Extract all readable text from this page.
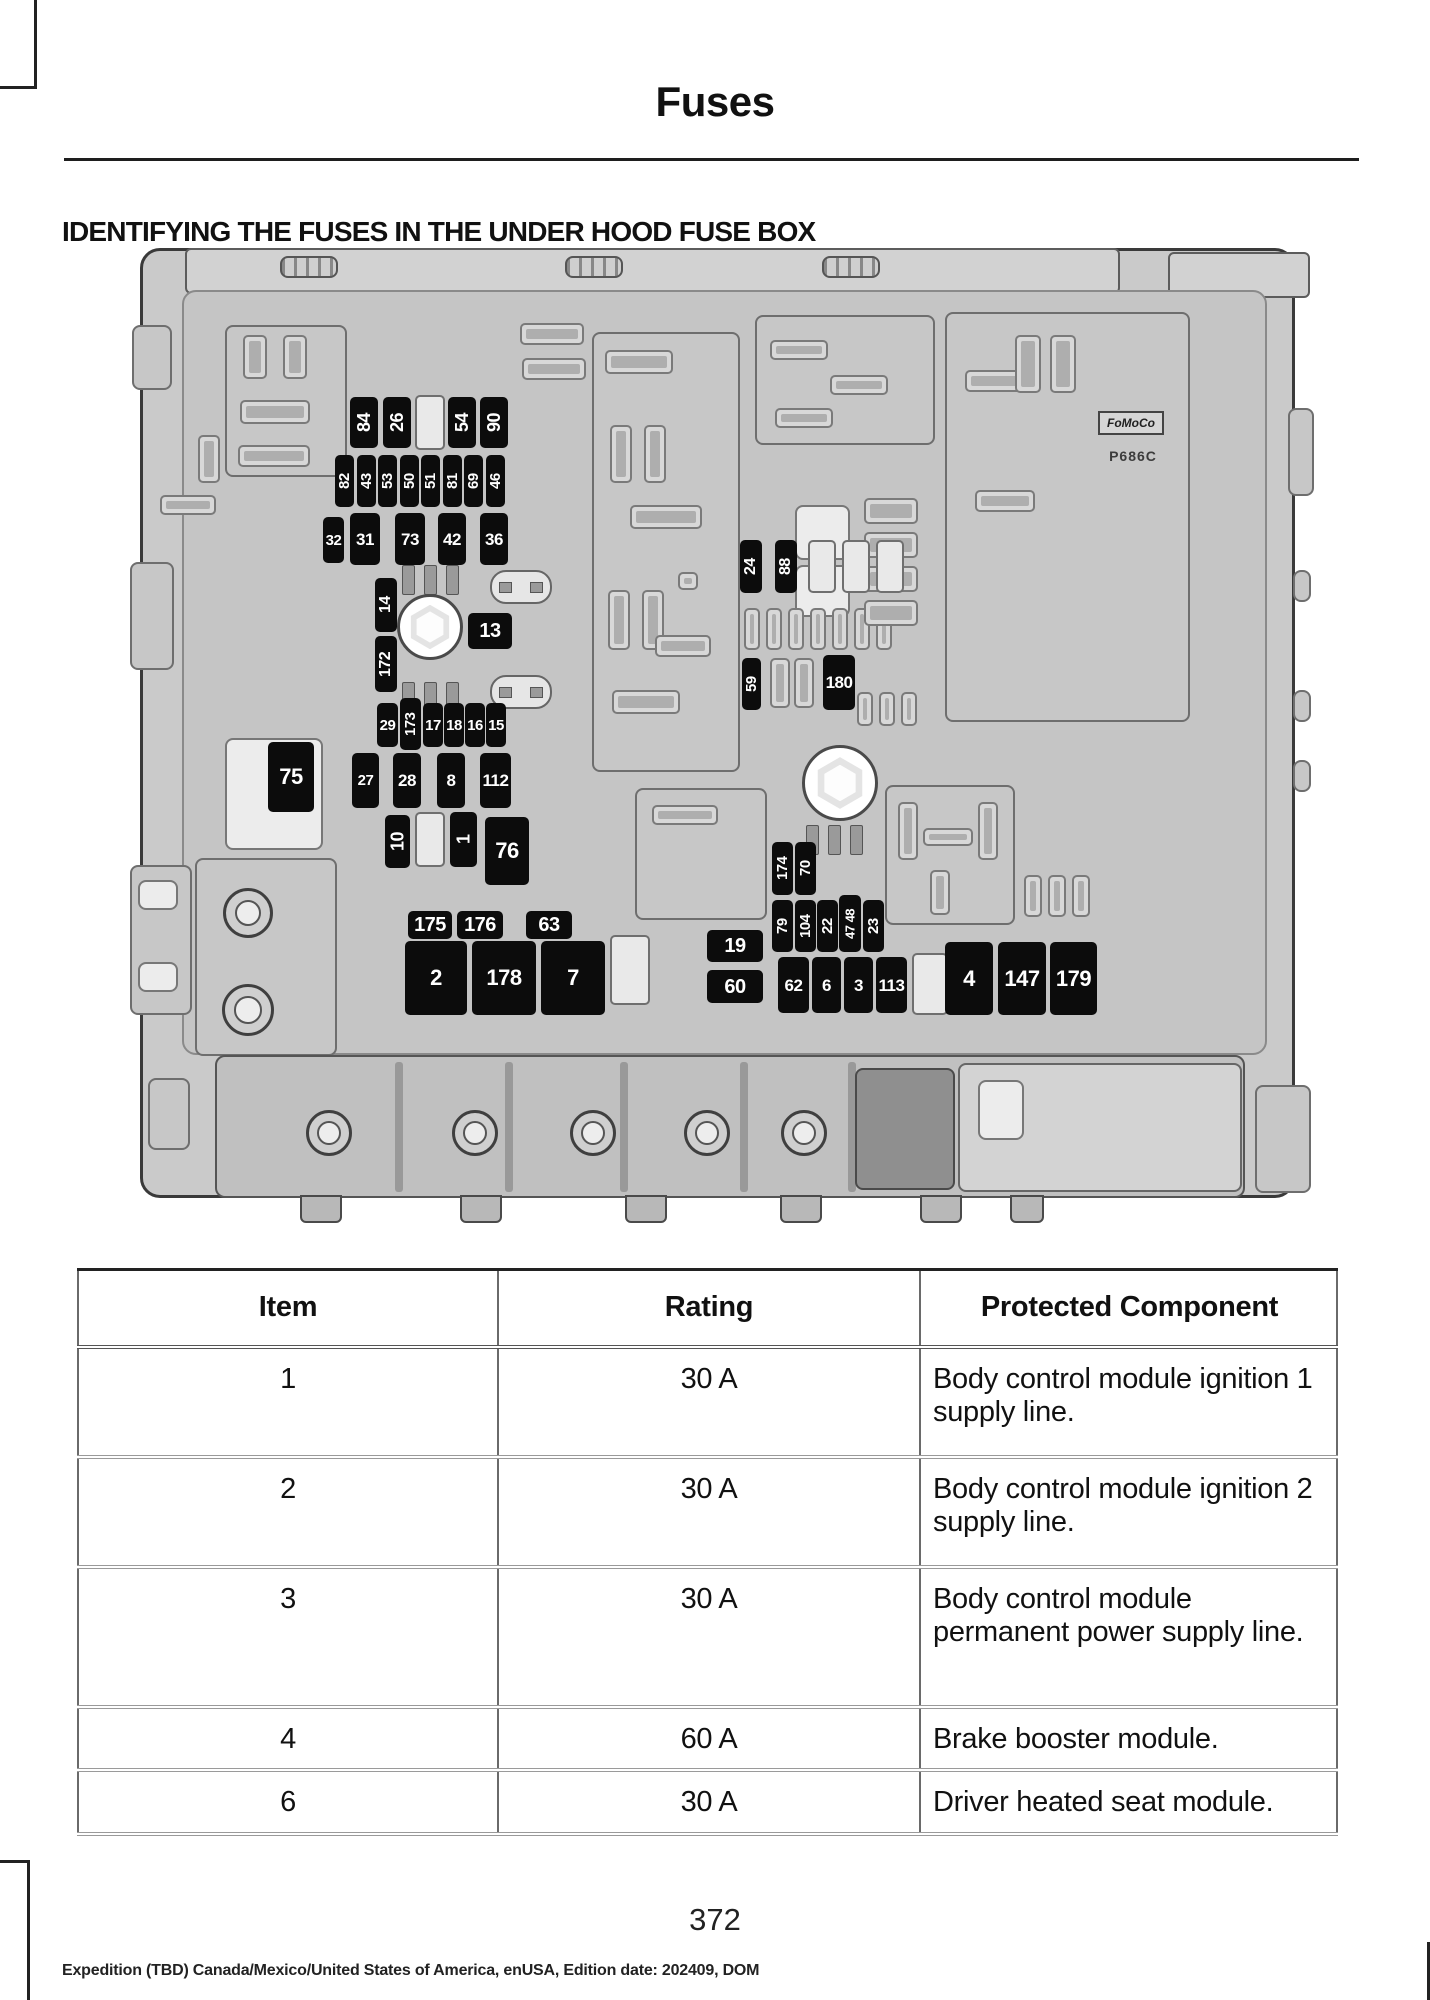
Fuses
IDENTIFYING THE FUSES IN THE UNDER HOOD FUSE BOX
FoMoCo
P686C
84 26	54 90
82 43 53 50 51 81 69 46
32 31	73	42 36
14
172
13
24 88
59	180
29 173 17 18 16 15
75	27	28	8	112
10	1 76
175 176	63
2	178	7
19
60
174 70
79 104 22 47 48 23
62	6	3 113	4	147 179
Item	Rating	Protected Component
1	30 A	Body control module ignition 1 supply line.
2	30 A	Body control module ignition 2 supply line.
3	30 A	Body control module permanent power supply line.
4	60 A	Brake booster module.
6	30 A	Driver heated seat module.
372
Expedition (TBD) Canada/Mexico/United States of America, enUSA, Edition date: 202409, DOM
